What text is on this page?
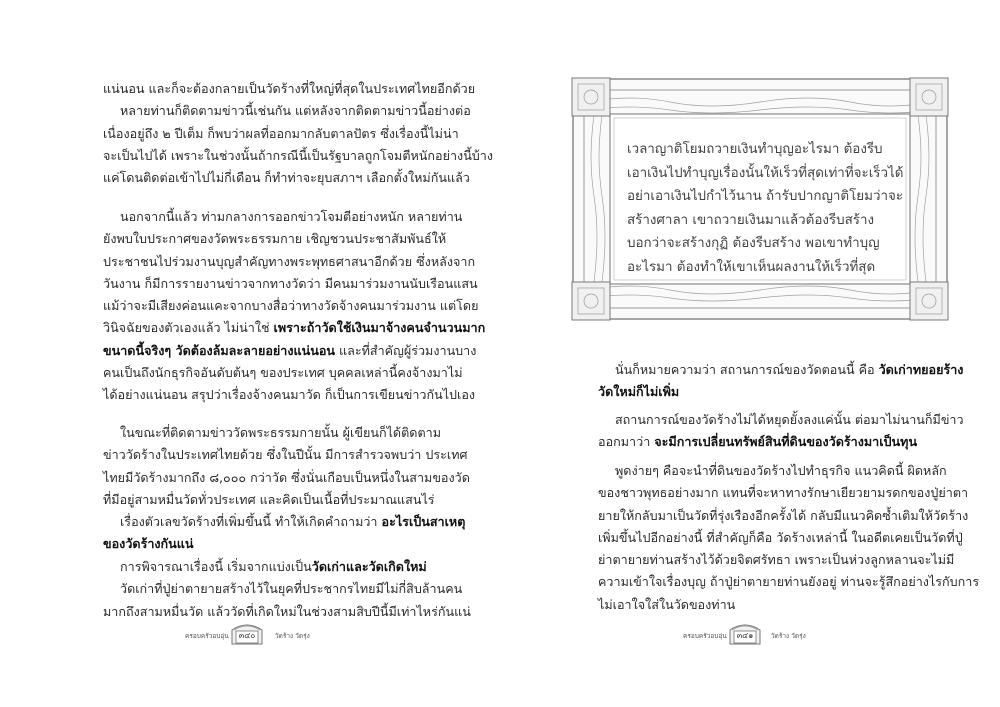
แน่นอน และก็จะต้องกลายเป็นวัดร้างที่ใหญ่ที่สุดในประเทศไทยอีกด้วย
หลายท่านก็ติดตามข่าวนี้เช่นกัน แต่หลังจากติดตามข่าวนี้อย่างต่อ
เนื่องอยู่ถึง ๒ ปีเต็ม ก็พบว่าผลที่ออกมากลับตาลปัตร ซึ่งเรื่องนี้ไม่น่า
จะเป็นไปได้ เพราะในช่วงนั้นถ้ากรณีนี้เป็นรัฐบาลถูกโจมตีหนักอย่างนี้บ้าง
แค่โดนติดต่อเข้าไปไม่กี่เดือน ก็ทำท่าจะยุบสภาฯ เลือกตั้งใหม่กันแล้ว
นอกจากนี้แล้ว ท่ามกลางการออกข่าวโจมตีอย่างหนัก หลายท่าน
ยังพบใบประกาศของวัดพระธรรมกาย เชิญชวนประชาสัมพันธ์ให้
ประชาชนไปร่วมงานบุญสำคัญทางพระพุทธศาสนาอีกด้วย ซึ่งหลังจาก
วันงาน ก็มีการรายงานข่าวจากทางวัดว่า มีคนมาร่วมงานนับเรือนแสน
แม้ว่าจะมีเสียงค่อนแคะจากบางสื่อว่าทางวัดจ้างคนมาร่วมงาน แต่โดย
วินิจฉัยของตัวเองแล้ว ไม่น่าใช่ เพราะถ้าวัดใช้เงินมาจ้างคนจำนวนมาก
ขนาดนี้จริงๆ วัดต้องล้มละลายอย่างแน่นอน และที่สำคัญผู้ร่วมงานบาง
คนเป็นถึงนักธุรกิจอันดับต้นๆ ของประเทศ บุคคลเหล่านี้คงจ้างมาไม่
ได้อย่างแน่นอน สรุปว่าเรื่องจ้างคนมาวัด ก็เป็นการเขียนข่าวกันไปเอง
ในขณะที่ติดตามข่าววัดพระธรรมกายนั้น ผู้เขียนก็ได้ติดตาม
ข่าววัดร้างในประเทศไทยด้วย ซึ่งในปีนั้น มีการสำรวจพบว่า ประเทศ
ไทยมีวัดร้างมากถึง ๘,๐๐๐ กว่าวัด ซึ่งนั่นเกือบเป็นหนึ่งในสามของวัด
ที่มีอยู่สามหมื่นวัดทั่วประเทศ และคิดเป็นเนื้อที่ประมาณแสนไร่
เรื่องตัวเลขวัดร้างที่เพิ่มขึ้นนี้ ทำให้เกิดคำถามว่า อะไรเป็นสาเหตุ
ของวัดร้างกันแน่
การพิจารณาเรื่องนี้ เริ่มจากแบ่งเป็นวัดเก่าและวัดเกิดใหม่
วัดเก่าที่ปู่ย่าตายายสร้างไว้ในยุคที่ประชากรไทยมีไม่กี่สิบล้านคน
มากถึงสามหมื่นวัด แล้ววัดที่เกิดใหม่ในช่วงสามสิบปีนี้มีเท่าไหร่กันแน่
ครอบครัวอบอุ่น	๓๔๐	วัดร้าง วัดรุ่ง
เวลาญาติโยมถวายเงินทำบุญอะไรมา ต้องรีบ
เอาเงินไปทำบุญเรื่องนั้นให้เร็วที่สุดเท่าที่จะเร็วได้
อย่าเอาเงินไปกำไว้นาน ถ้ารับปากญาติโยมว่าจะ
สร้างศาลา เขาถวายเงินมาแล้วต้องรีบสร้าง
บอกว่าจะสร้างกุฏิ ต้องรีบสร้าง พอเขาทำบุญ
อะไรมา ต้องทำให้เขาเห็นผลงานให้เร็วที่สุด
นั่นก็หมายความว่า สถานการณ์ของวัดตอนนี้ คือ วัดเก่าทยอยร้าง
วัดใหม่ก็ไม่เพิ่ม
สถานการณ์ของวัดร้างไม่ได้หยุดยั้งลงแค่นั้น ต่อมาไม่นานก็มีข่าว
ออกมาว่า จะมีการเปลี่ยนทรัพย์สินที่ดินของวัดร้างมาเป็นทุน
พูดง่ายๆ คือจะนำที่ดินของวัดร้างไปทำธุรกิจ แนวคิดนี้ ผิดหลัก
ของชาวพุทธอย่างมาก แทนที่จะหาทางรักษาเยียวยามรดกของปู่ย่าตา
ยายให้กลับมาเป็นวัดที่รุ่งเรืองอีกครั้งได้ กลับมีแนวคิดซ้ำเติมให้วัดร้าง
เพิ่มขึ้นไปอีกอย่างนี้ ที่สำคัญก็คือ วัดร้างเหล่านี้ ในอดีตเคยเป็นวัดที่ปู่
ย่าตายายท่านสร้างไว้ด้วยจิตศรัทธา เพราะเป็นห่วงลูกหลานจะไม่มี
ความเข้าใจเรื่องบุญ ถ้าปู่ย่าตายายท่านยังอยู่ ท่านจะรู้สึกอย่างไรกับการ
ไม่เอาใจใส่ในวัดของท่าน
ครอบครัวอบอุ่น	๓๔๑	วัดร้าง วัดรุ่ง
